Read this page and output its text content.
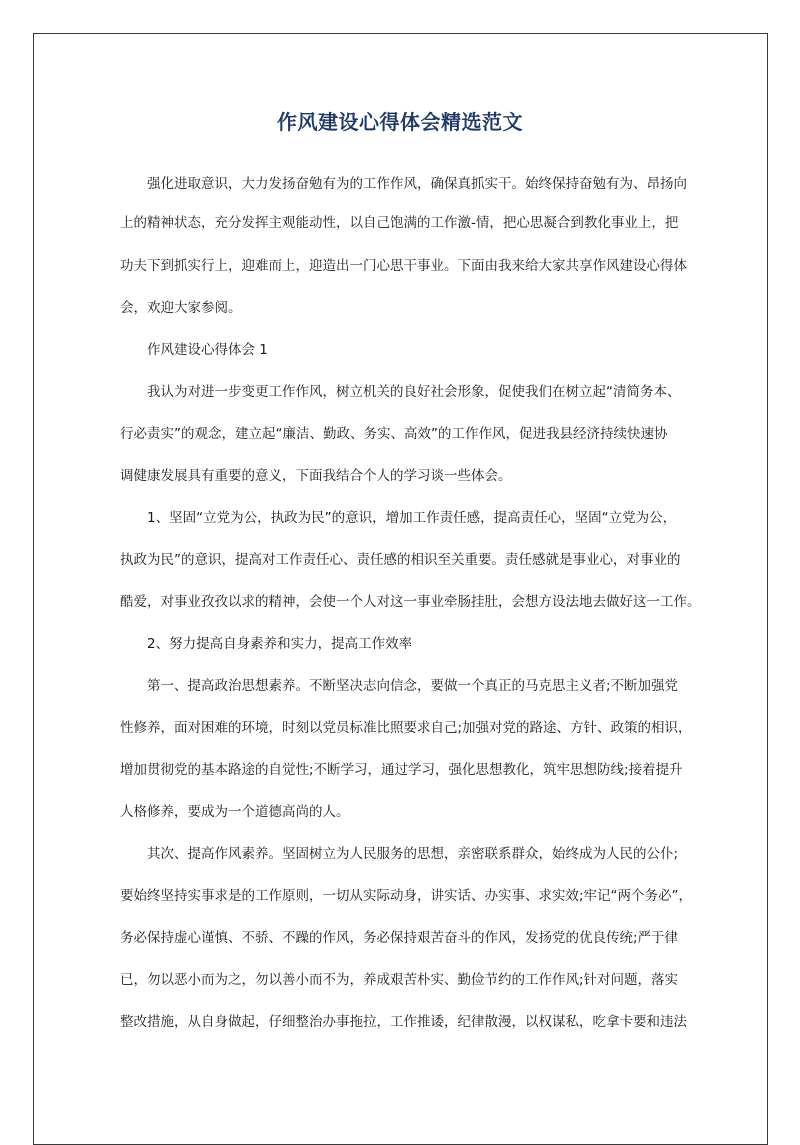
作风建设心得体会精选范文
强化进取意识，大力发扬奋勉有为的工作作风，确保真抓实干。始终保持奋勉有为、昂扬向
上的精神状态，充分发挥主观能动性，以自己饱满的工作激-情，把心思凝合到教化事业上，把
功夫下到抓实行上，迎难而上，迎造出一门心思干事业。下面由我来给大家共享作风建设心得体
会，欢迎大家参阅。
作风建设心得体会 1
我认为对进一步变更工作作风，树立机关的良好社会形象，促使我们在树立起“清简务本、
行必责实”的观念，建立起“廉洁、勤政、务实、高效”的工作作风，促进我县经济持续快速协
调健康发展具有重要的意义，下面我结合个人的学习谈一些体会。
1、坚固“立党为公，执政为民”的意识，增加工作责任感，提高责任心，坚固“立党为公，
执政为民”的意识，提高对工作责任心、责任感的相识至关重要。责任感就是事业心，对事业的
酷爱，对事业孜孜以求的精神，会使一个人对这一事业牵肠挂肚，会想方设法地去做好这一工作。
2、努力提高自身素养和实力，提高工作效率
第一、提高政治思想素养。不断坚决志向信念，要做一个真正的马克思主义者;不断加强党
性修养，面对困难的环境，时刻以党员标准比照要求自己;加强对党的路途、方针、政策的相识，
增加贯彻党的基本路途的自觉性;不断学习，通过学习，强化思想教化，筑牢思想防线;接着提升
人格修养，要成为一个道德高尚的人。
其次、提高作风素养。坚固树立为人民服务的思想，亲密联系群众，始终成为人民的公仆;
要始终坚持实事求是的工作原则，一切从实际动身，讲实话、办实事、求实效;牢记“两个务必”，
务必保持虚心谨慎、不骄、不躁的作风，务必保持艰苦奋斗的作风，发扬党的优良传统;严于律
已，勿以恶小而为之，勿以善小而不为，养成艰苦朴实、勤俭节约的工作作风;针对问题，落实
整改措施，从自身做起，仔细整治办事拖拉，工作推诿，纪律散漫，以权谋私，吃拿卡要和违法
